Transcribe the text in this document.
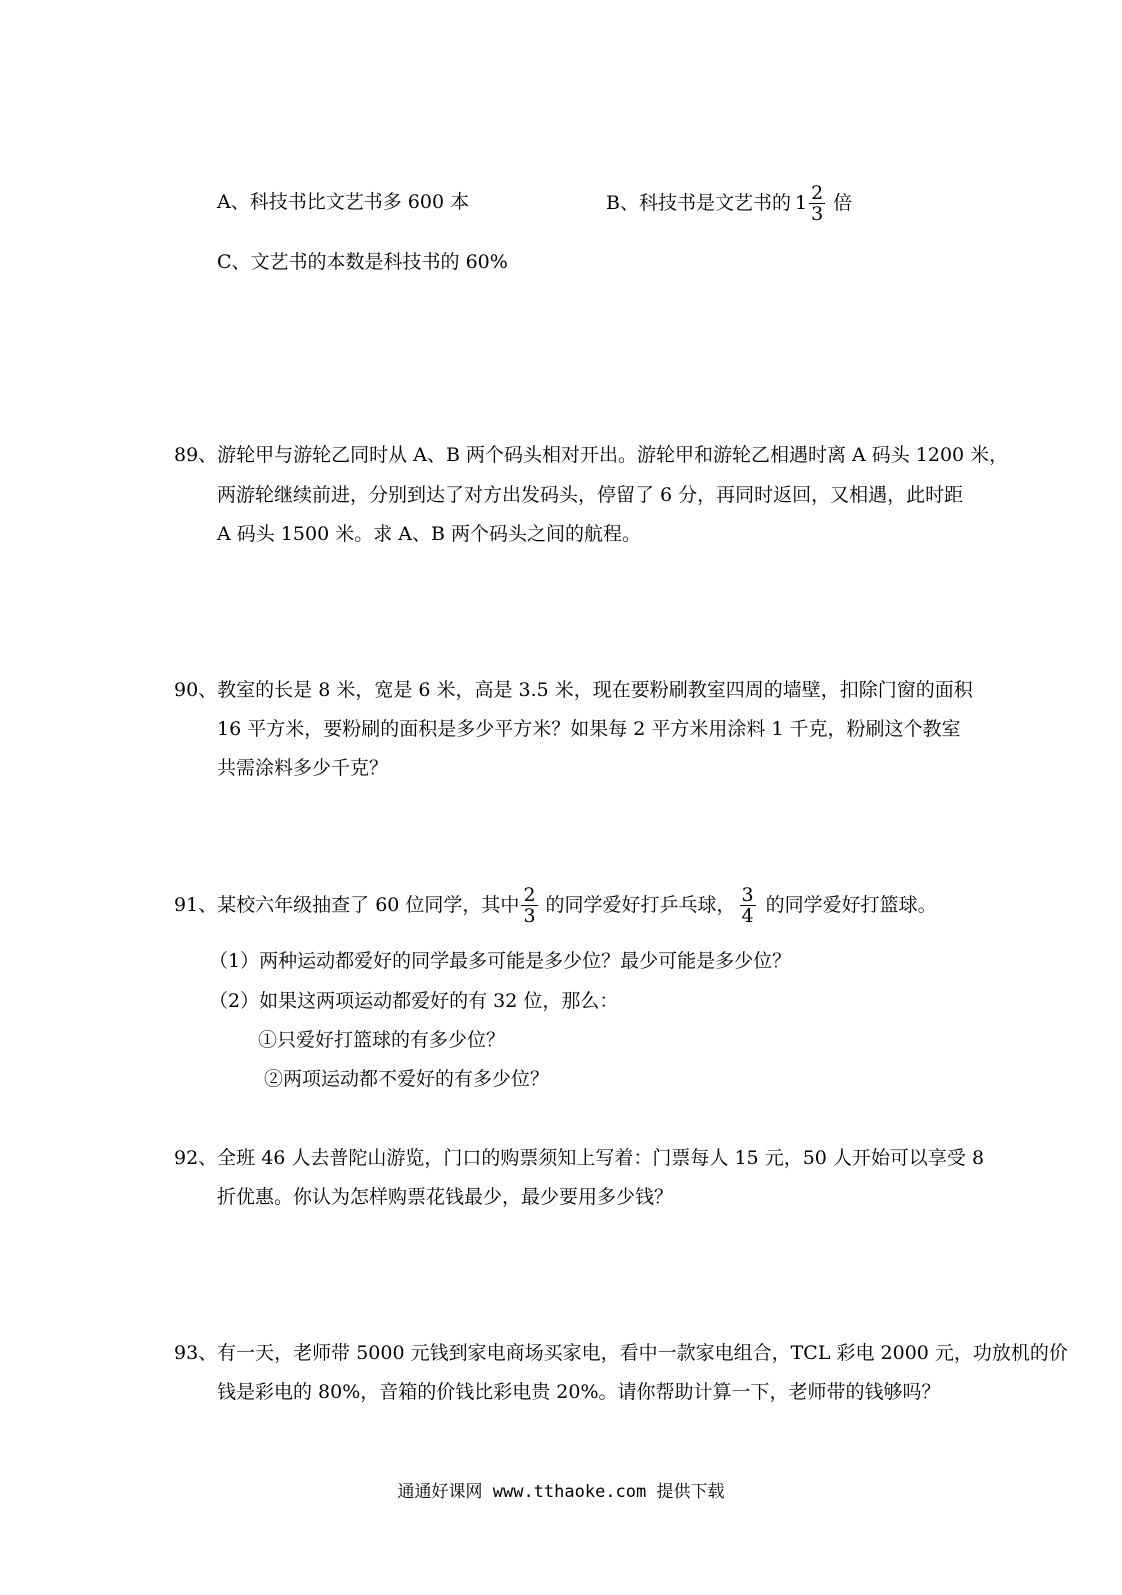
A、科技书比文艺书多 600 本	B、科技书是文艺书的 $1 \frac{2}{3}$ 倍
C、文艺书的本数是科技书的 60%
89、游轮甲与游轮乙同时从 A、B 两个码头相对开出。游轮甲和游轮乙相遇时离 A 码头 1200 米，
两游轮继续前进，分别到达了对方出发码头，停留了 6 分，再同时返回，又相遇，此时距
A 码头 1500 米。求 A、B 两个码头之间的航程。
90、教室的长是 8 米，宽是 6 米，高是 3.5 米，现在要粉刷教室四周的墙壁，扣除门窗的面积
16 平方米，要粉刷的面积是多少平方米？如果每 2 平方米用涂料 1 千克，粉刷这个教室
共需涂料多少千克？
91、某校六年级抽查了 60 位同学，其中 $\frac{2}{3}$ 的同学爱好打乒乓球， $\frac{3}{4}$ 的同学爱好打篮球。
（1）两种运动都爱好的同学最多可能是多少位？最少可能是多少位？
（2）如果这两项运动都爱好的有 32 位，那么：
①只爱好打篮球的有多少位？
②两项运动都不爱好的有多少位？
92、全班 46 人去普陀山游览，门口的购票须知上写着：门票每人 15 元，50 人开始可以享受 8
折优惠。你认为怎样购票花钱最少，最少要用多少钱？
93、有一天，老师带 5000 元钱到家电商场买家电，看中一款家电组合，TCL 彩电 2000 元，功放机的价
钱是彩电的 80%，音箱的价钱比彩电贵 20%。请你帮助计算一下，老师带的钱够吗？
通通好课网 www.tthaoke.com 提供下载
